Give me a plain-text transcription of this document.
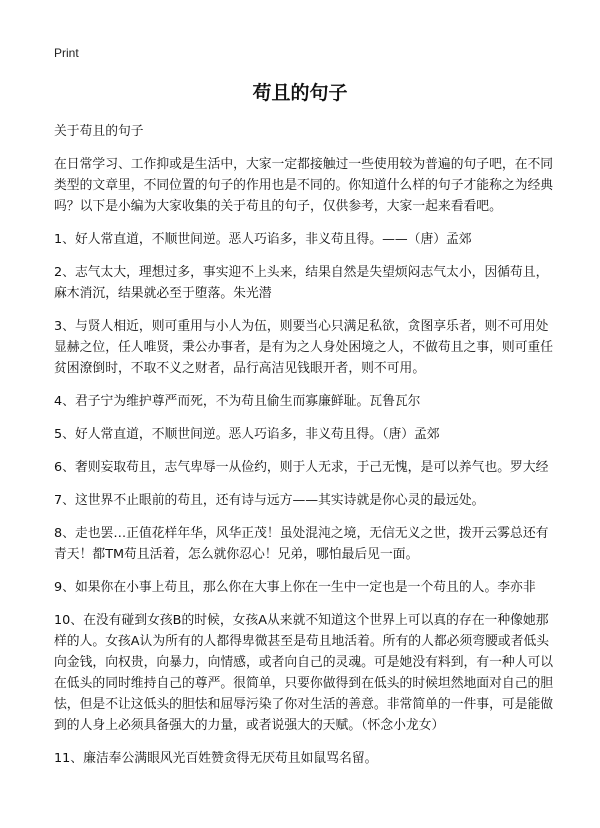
Print
苟且的句子

关于苟且的句子

在日常学习、工作抑或是生活中，大家一定都接触过一些使用较为普遍的句子吧，在不同类型的文章里，不同位置的句子的作用也是不同的。你知道什么样的句子才能称之为经典吗？以下是小编为大家收集的关于苟且的句子，仅供参考，大家一起来看看吧。

1、好人常直道，不顺世间逆。恶人巧谄多，非义苟且得。——（唐）孟郊

2、志气太大，理想过多，事实迎不上头来，结果自然是失望烦闷志气太小，因循苟且，麻木消沉，结果就必至于堕落。朱光潜

3、与贤人相近，则可重用与小人为伍，则要当心只满足私欲，贪图享乐者，则不可用处显赫之位，任人唯贤，秉公办事者，是有为之人身处困境之人，不做苟且之事，则可重任贫困潦倒时，不取不义之财者，品行高洁见钱眼开者，则不可用。

4、君子宁为维护尊严而死，不为苟且偷生而寡廉鲜耻。瓦鲁瓦尔

5、好人常直道，不顺世间逆。恶人巧谄多，非义苟且得。（唐）孟郊

6、奢则妄取苟且，志气卑辱一从俭约，则于人无求，于己无愧，是可以养气也。罗大经

7、这世界不止眼前的苟且，还有诗与远方——其实诗就是你心灵的最远处。

8、走也罢…正值花样年华，风华正茂！虽处混沌之境，无信无义之世，拨开云雾总还有青天！都TM苟且活着，怎么就你忍心！兄弟，哪怕最后见一面。

9、如果你在小事上苟且，那么你在大事上你在一生中一定也是一个苟且的人。李亦非

10、在没有碰到女孩B的时候，女孩A从来就不知道这个世界上可以真的存在一种像她那样的人。女孩A认为所有的人都得卑微甚至是苟且地活着。所有的人都必须弯腰或者低头向金钱，向权贵，向暴力，向情感，或者向自己的灵魂。可是她没有料到，有一种人可以在低头的同时维持自己的尊严。很简单，只要你做得到在低头的时候坦然地面对自己的胆怯，但是不让这低头的胆怯和屈辱污染了你对生活的善意。非常简单的一件事，可是能做到的人身上必须具备强大的力量，或者说强大的天赋。（怀念小龙女）

11、廉洁奉公满眼风光百姓赞贪得无厌苟且如鼠骂名留。
